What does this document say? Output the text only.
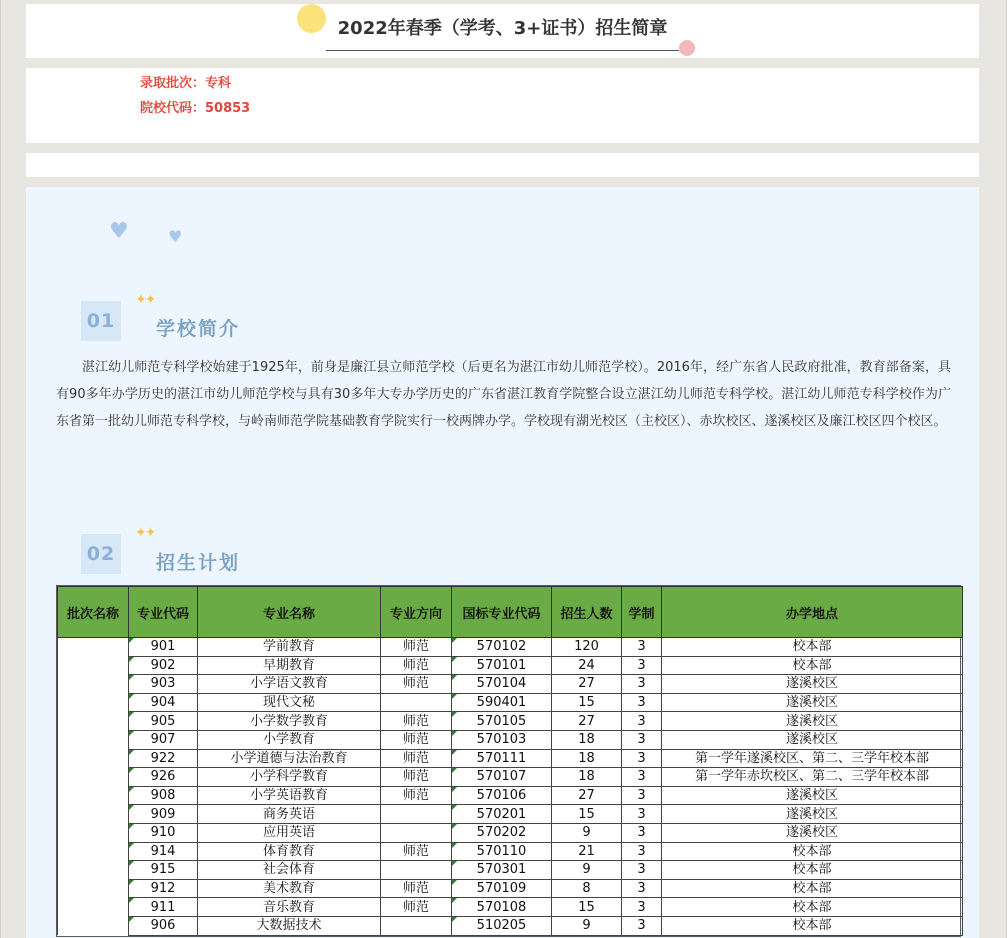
2022年春季（学考、3+证书）招生简章
录取批次：专科
院校代码：50853
♥ ♥
01
✦✦
学校简介

湛江幼儿师范专科学校始建于1925年，前身是廉江县立师范学校（后更名为湛江市幼儿师范学校）。2016年，经广东省人民政府批准，教育部备案，具有90多年办学历史的湛江市幼儿师范学校与具有30多年大专办学历史的广东省湛江教育学院整合设立湛江幼儿师范专科学校。湛江幼儿师范专科学校作为广东省第一批幼儿师范专科学校，与岭南师范学院基础教育学院实行一校两牌办学。学校现有湖光校区（主校区）、赤坎校区、遂溪校区及廉江校区四个校区。

02
✦✦
招生计划
批次名称	专业代码	专业名称	专业方向	国标专业代码	招生人数	学制	办学地点
	901	学前教育	师范	570102	120	3	校本部
	902	早期教育	师范	570101	24	3	校本部
	903	小学语文教育	师范	570104	27	3	遂溪校区
	904	现代文秘		590401	15	3	遂溪校区
	905	小学数学教育	师范	570105	27	3	遂溪校区
	907	小学教育	师范	570103	18	3	遂溪校区
	922	小学道德与法治教育	师范	570111	18	3	第一学年遂溪校区、第二、三学年校本部
	926	小学科学教育	师范	570107	18	3	第一学年赤坎校区、第二、三学年校本部
	908	小学英语教育	师范	570106	27	3	遂溪校区
	909	商务英语		570201	15	3	遂溪校区
	910	应用英语		570202	9	3	遂溪校区
	914	体育教育	师范	570110	21	3	校本部
	915	社会体育		570301	9	3	校本部
	912	美术教育	师范	570109	8	3	校本部
	911	音乐教育	师范	570108	15	3	校本部
	906	大数据技术		510205	9	3	校本部
